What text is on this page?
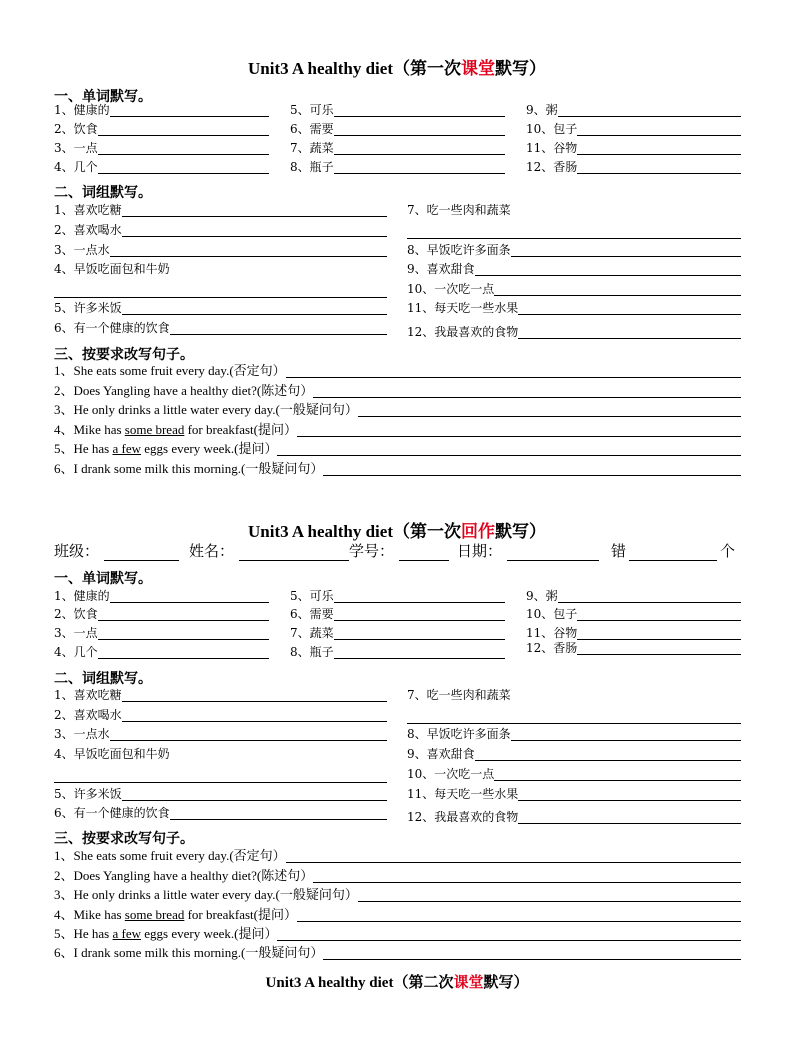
Unit3 A healthy diet（第一次课堂默写）
一、单词默写。
1、健康的
2、饮食
3、一点
4、几个
5、可乐
6、需要
7、蔬菜
8、瓶子
9、粥
10、包子
11、谷物
12、香肠
二、词组默写。
1、喜欢吃糖
2、喜欢喝水
3、一点水
4、早饭吃面包和牛奶
5、许多米饭
6、有一个健康的饮食
7、吃一些肉和蔬菜
8、早饭吃许多面条
9、喜欢甜食
10、一次吃一点
11、每天吃一些水果
12、我最喜欢的食物
三、按要求改写句子。
1、She eats some fruit every day.(否定句）
2、Does Yangling have a healthy diet?(陈述句）
3、He only drinks a little water every day.(一般疑问句）
4、Mike has some bread for breakfast(提问）
5、He has a few eggs every week.(提问）
6、I drank some milk this morning.(一般疑问句）
Unit3 A healthy diet（第一次回作默写）
班级：	姓名：	学号：	日期：	错	个
一、单词默写。
1、健康的
2、饮食
3、一点
4、几个
5、可乐
6、需要
7、蔬菜
8、瓶子
9、粥
10、包子
11、谷物
12、香肠
二、词组默写。
1、喜欢吃糖
2、喜欢喝水
3、一点水
4、早饭吃面包和牛奶
5、许多米饭
6、有一个健康的饮食
7、吃一些肉和蔬菜
8、早饭吃许多面条
9、喜欢甜食
10、一次吃一点
11、每天吃一些水果
12、我最喜欢的食物
三、按要求改写句子。
1、She eats some fruit every day.(否定句）
2、Does Yangling have a healthy diet?(陈述句）
3、He only drinks a little water every day.(一般疑问句）
4、Mike has some bread for breakfast(提问）
5、He has a few eggs every week.(提问）
6、I drank some milk this morning.(一般疑问句）
Unit3 A healthy diet（第二次课堂默写）
